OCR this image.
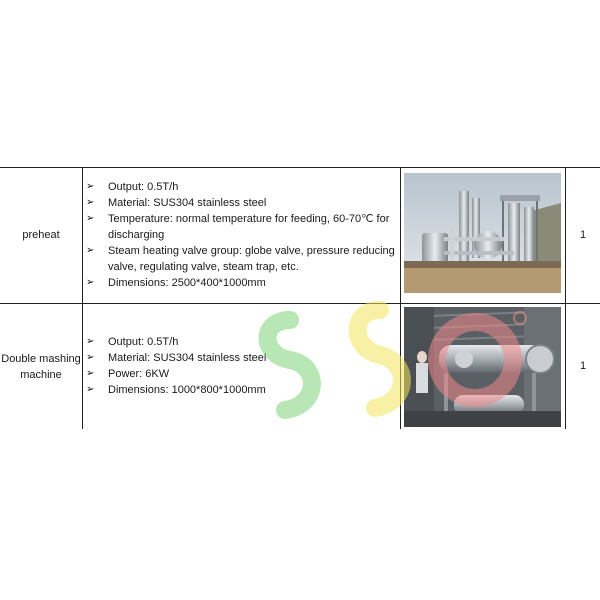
preheat
➢ Output: 0.5T/h
➢ Material: SUS304 stainless steel
➢ Temperature: normal temperature for feeding, 60-70℃ for discharging
➢ Steam heating valve group: globe valve, pressure reducing valve, regulating valve, steam trap, etc.
➢ Dimensions: 2500*400*1000mm
1
Double mashing machine
➢ Output: 0.5T/h
➢ Material: SUS304 stainless steel
➢ Power: 6KW
➢ Dimensions: 1000*800*1000mm
1
